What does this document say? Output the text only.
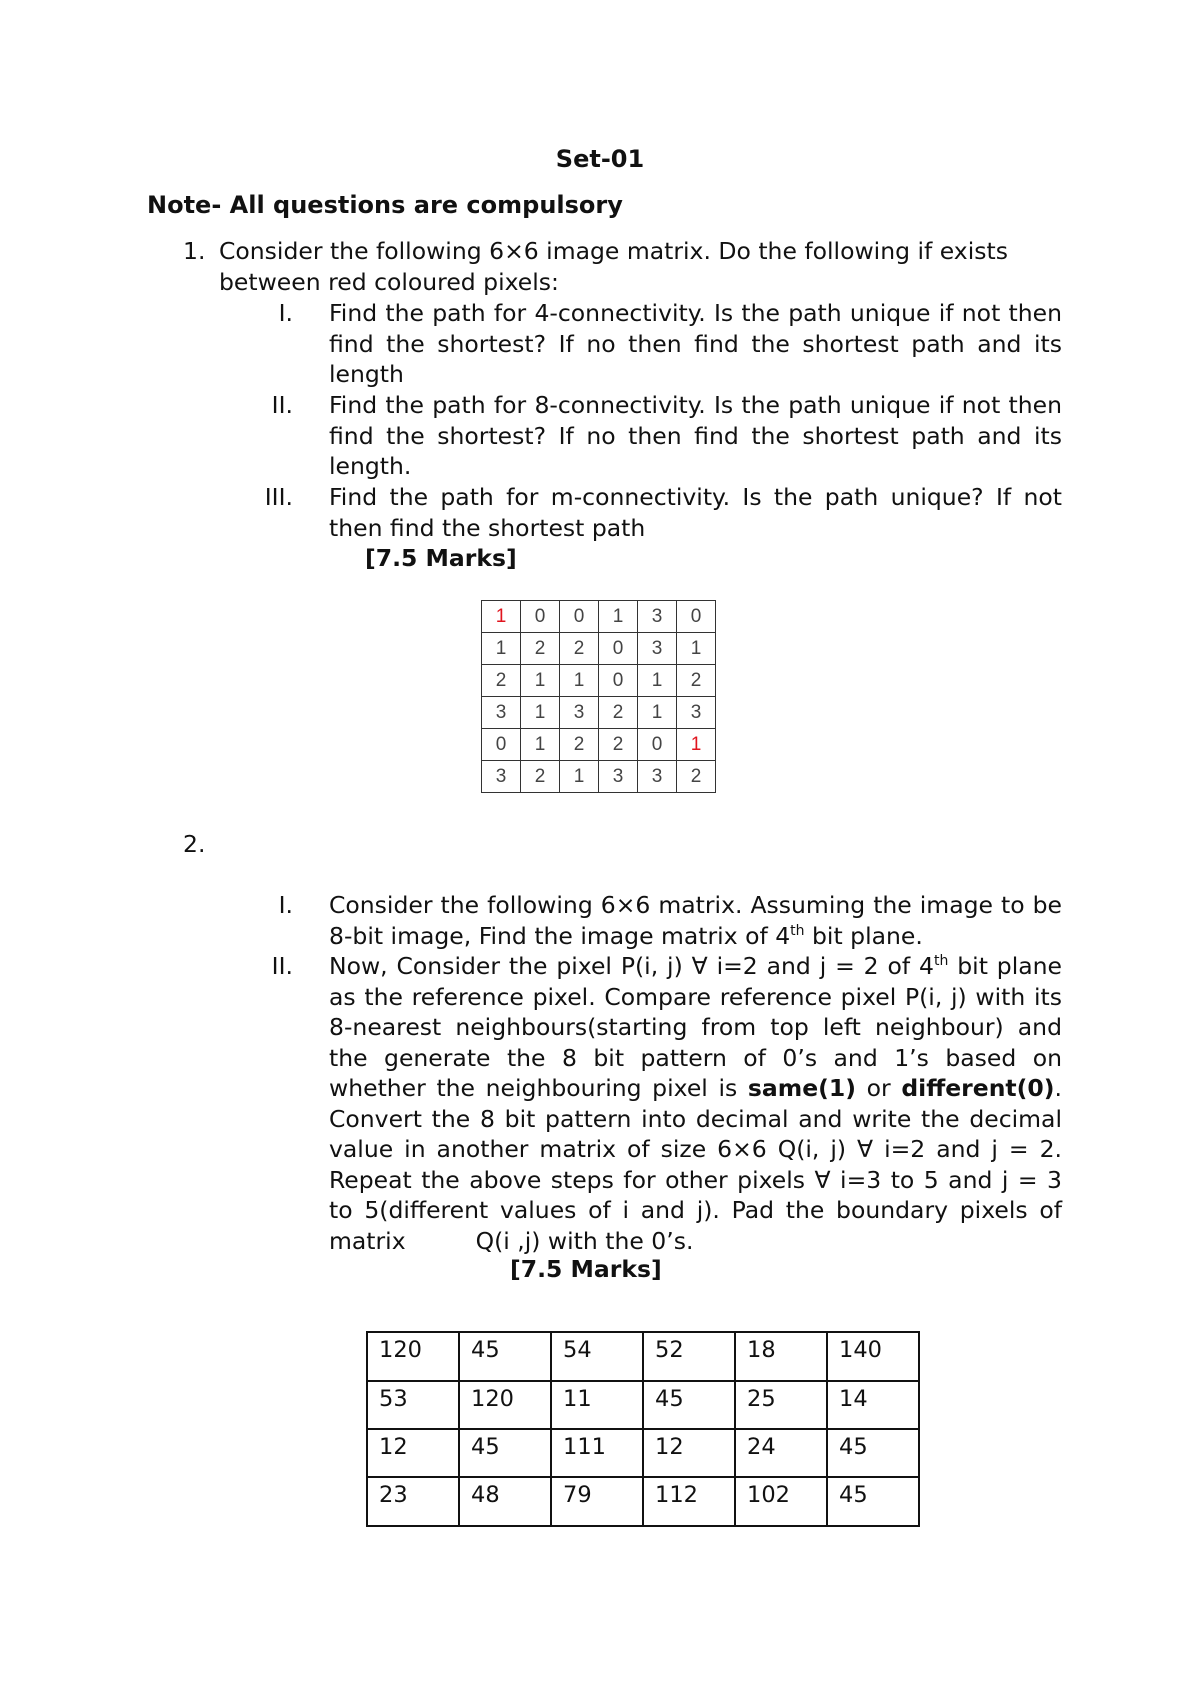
Set-01
Note- All questions are compulsory
1. Consider the following 6×6 image matrix. Do the following if exists
between red coloured pixels:
I. Find the path for 4-connectivity. Is the path unique if not then find the shortest? If no then find the shortest path and its length
II. Find the path for 8-connectivity. Is the path unique if not then find the shortest? If no then find the shortest path and its length.
III. Find the path for m-connectivity. Is the path unique? If not then find the shortest path
[7.5 Marks]
1	0	0	1	3	0
1	2	2	0	3	1
2	1	1	0	1	2
3	1	3	2	1	3
0	1	2	2	0	1
3	2	1	3	3	2
2.
I. Consider the following 6×6 matrix. Assuming the image to be 8-bit image, Find the image matrix of 4th bit plane.
II. Now, Consider the pixel P(i, j) ∀ i=2 and j = 2 of 4th bit plane as the reference pixel. Compare reference pixel P(i, j) with its 8-nearest neighbours(starting from top left neighbour) and the generate the 8 bit pattern of 0’s and 1’s based on whether the neighbouring pixel is same(1) or different(0). Convert the 8 bit pattern into decimal and write the decimal value in another matrix of size 6×6 Q(i, j) ∀ i=2 and j = 2. Repeat the above steps for other pixels ∀ i=3 to 5 and j = 3 to 5(different values of i and j). Pad the boundary pixels of matrix	Q(i ,j) with the 0’s.
[7.5 Marks]
120	45	54	52	18	140
53	120	11	45	25	14
12	45	111	12	24	45
23	48	79	112	102	45
